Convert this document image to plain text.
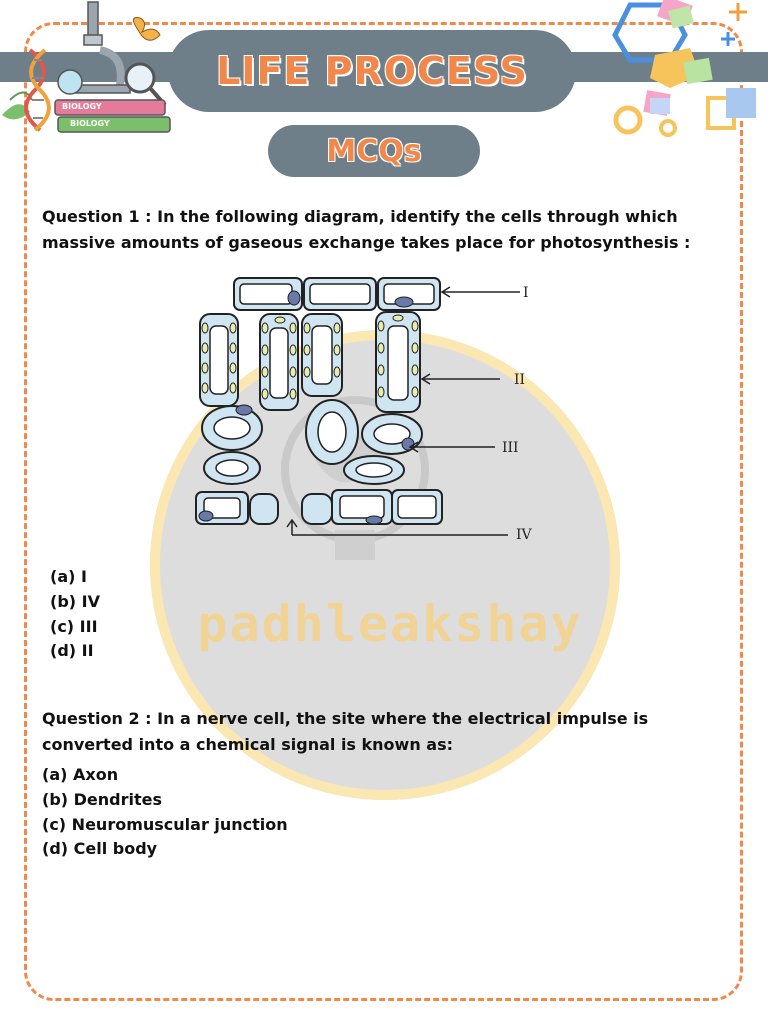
padhleakshay
BIOLOGY
BIOLOGY
LIFE PROCESS
MCQs
Question 1 : In the following diagram, identify the cells through which massive amounts of gaseous exchange takes place for photosynthesis :
I
II
III
IV
(a) I
(b) IV
(c) III
(d) II
Question 2 : In a nerve cell, the site where the electrical impulse is converted into a chemical signal is known as:
(a) Axon
(b) Dendrites
(c) Neuromuscular junction
(d) Cell body
